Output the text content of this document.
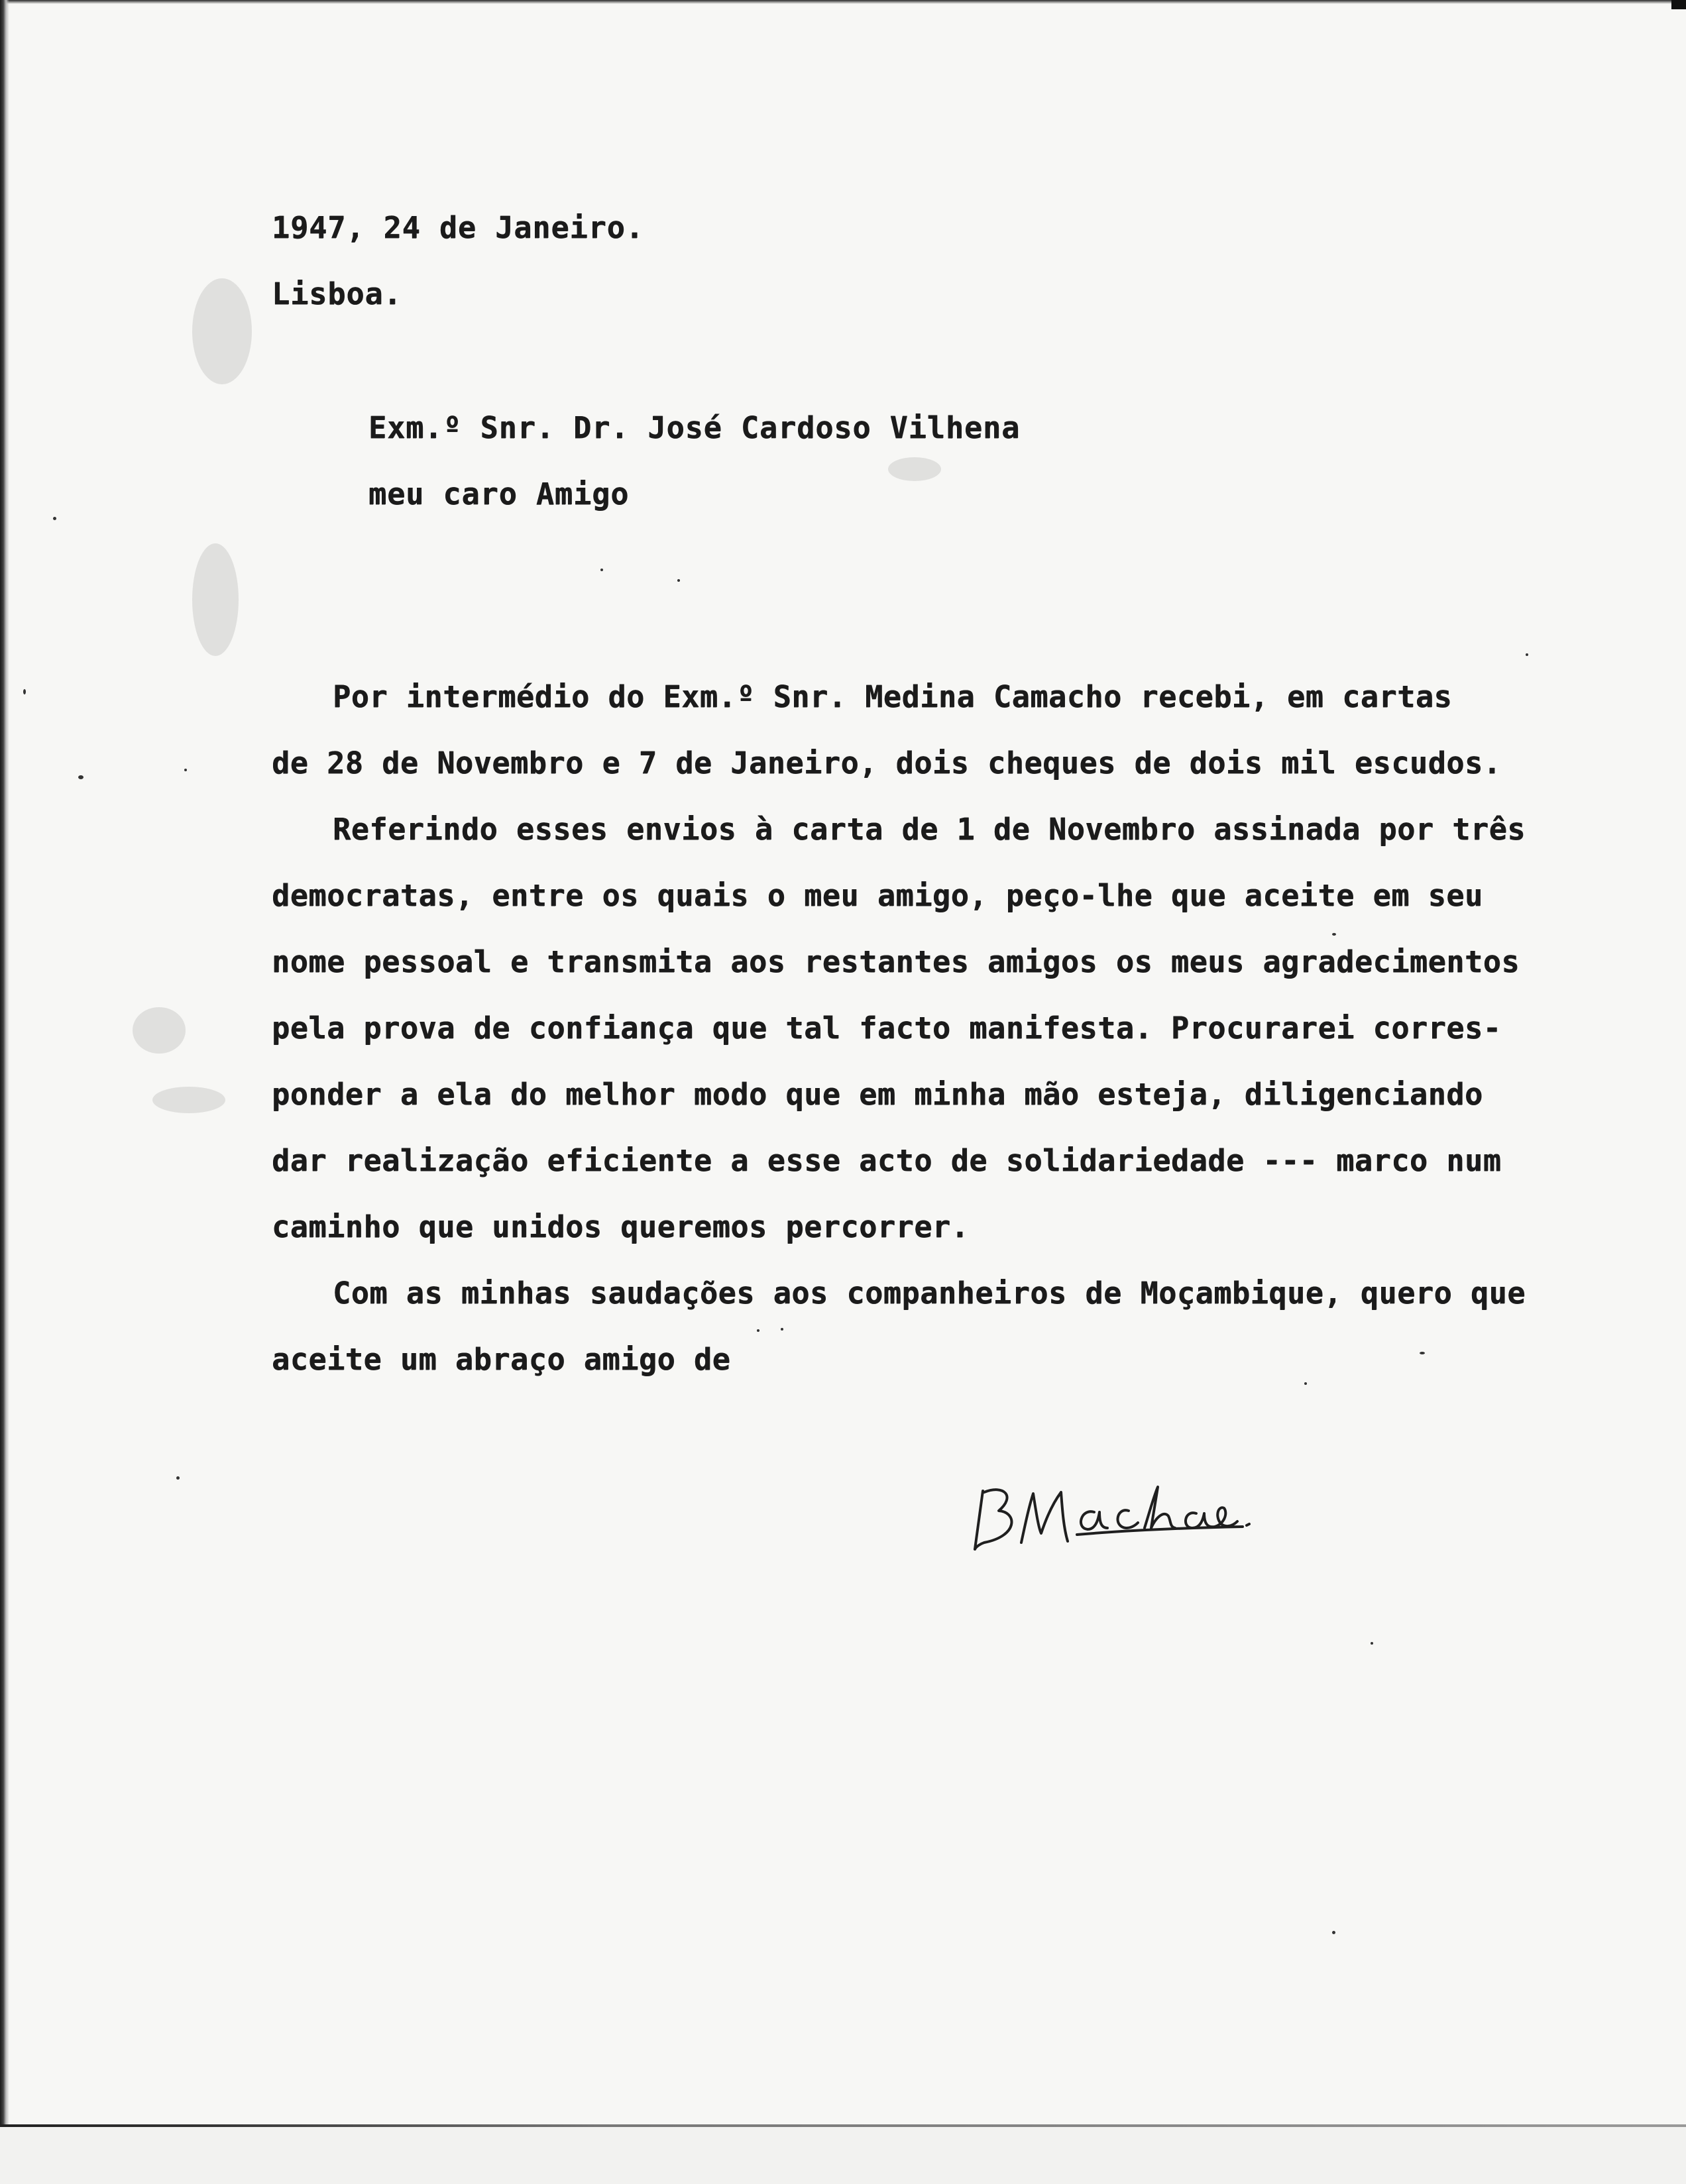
1947, 24 de Janeiro.
Lisboa.
Exm.º Snr. Dr. José Cardoso Vilhena
meu caro Amigo
Por intermédio do Exm.º Snr. Medina Camacho recebi, em cartas
de 28 de Novembro e 7 de Janeiro, dois cheques de dois mil escudos.
Referindo esses envios à carta de 1 de Novembro assinada por três
democratas, entre os quais o meu amigo, peço-lhe que aceite em seu
nome pessoal e transmita aos restantes amigos os meus agradecimentos
pela prova de confiança que tal facto manifesta. Procurarei corres-
ponder a ela do melhor modo que em minha mão esteja, diligenciando
dar realização eficiente a esse acto de solidariedade --- marco num
caminho que unidos queremos percorrer.
Com as minhas saudações aos companheiros de Moçambique, quero que
aceite um abraço amigo de
